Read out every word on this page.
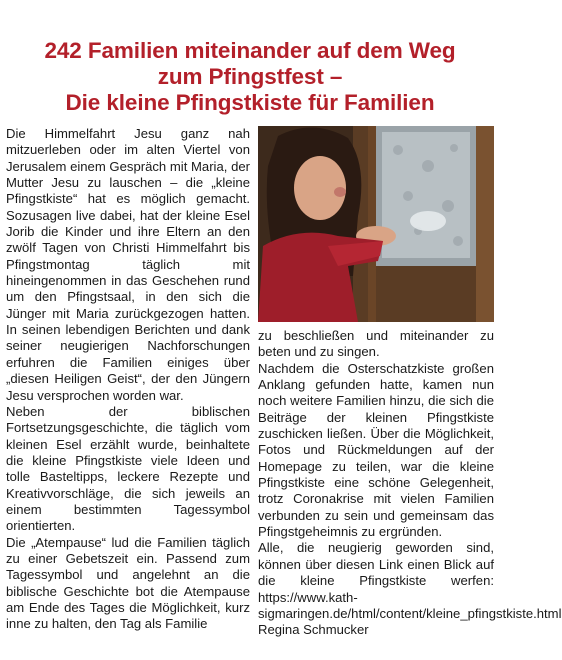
242 Familien miteinander auf dem Weg
zum Pfingstfest –
Die kleine Pfingstkiste für Familien

Die Himmelfahrt Jesu ganz nah mitzuerleben oder im alten Viertel von Jerusalem einem Gespräch mit Maria, der Mutter Jesu zu lauschen – die „kleine Pfingstkiste“ hat es möglich gemacht. Sozusagen live dabei, hat der kleine Esel Jorib die Kinder und ihre Eltern an den zwölf Tagen von Christi Himmelfahrt bis Pfingstmontag täglich mit hineingenommen in das Geschehen rund um den Pfingstsaal, in den sich die Jünger mit Maria zurückgezogen hatten. In seinen lebendigen Berichten und dank seiner neugierigen Nachforschungen erfuhren die Familien einiges über „diesen Heiligen Geist“, der den Jüngern Jesu versprochen worden war.

Neben der biblischen Fortsetzungsgeschichte, die täglich vom kleinen Esel erzählt wurde, beinhaltete die kleine Pfingstkiste viele Ideen und tolle Basteltipps, leckere Rezepte und Kreativvorschläge, die sich jeweils an einem bestimmten Tagessymbol orientierten.

Die „Atempause“ lud die Familien täglich zu einer Gebetszeit ein. Passend zum Tagessymbol und angelehnt an die biblische Geschichte bot die Atempause am Ende des Tages die Möglichkeit, kurz inne zu halten, den Tag als Familie

zu beschließen und miteinander zu beten und zu singen.

Nachdem die Osterschatzkiste großen Anklang gefunden hatte, kamen nun noch weitere Familien hinzu, die sich die Beiträge der kleinen Pfingstkiste zuschicken ließen. Über die Möglichkeit, Fotos und Rückmeldungen auf der Homepage zu teilen, war die kleine Pfingstkiste eine schöne Gelegenheit, trotz Coronakrise mit vielen Familien verbunden zu sein und gemeinsam das Pfingstgeheimnis zu ergründen.

Alle, die neugierig geworden sind, können über diesen Link einen Blick auf die kleine Pfingstkiste werfen: https://www.kath-sigmaringen.de/html/content/kleine_pfingstkiste.html

Regina Schmucker
